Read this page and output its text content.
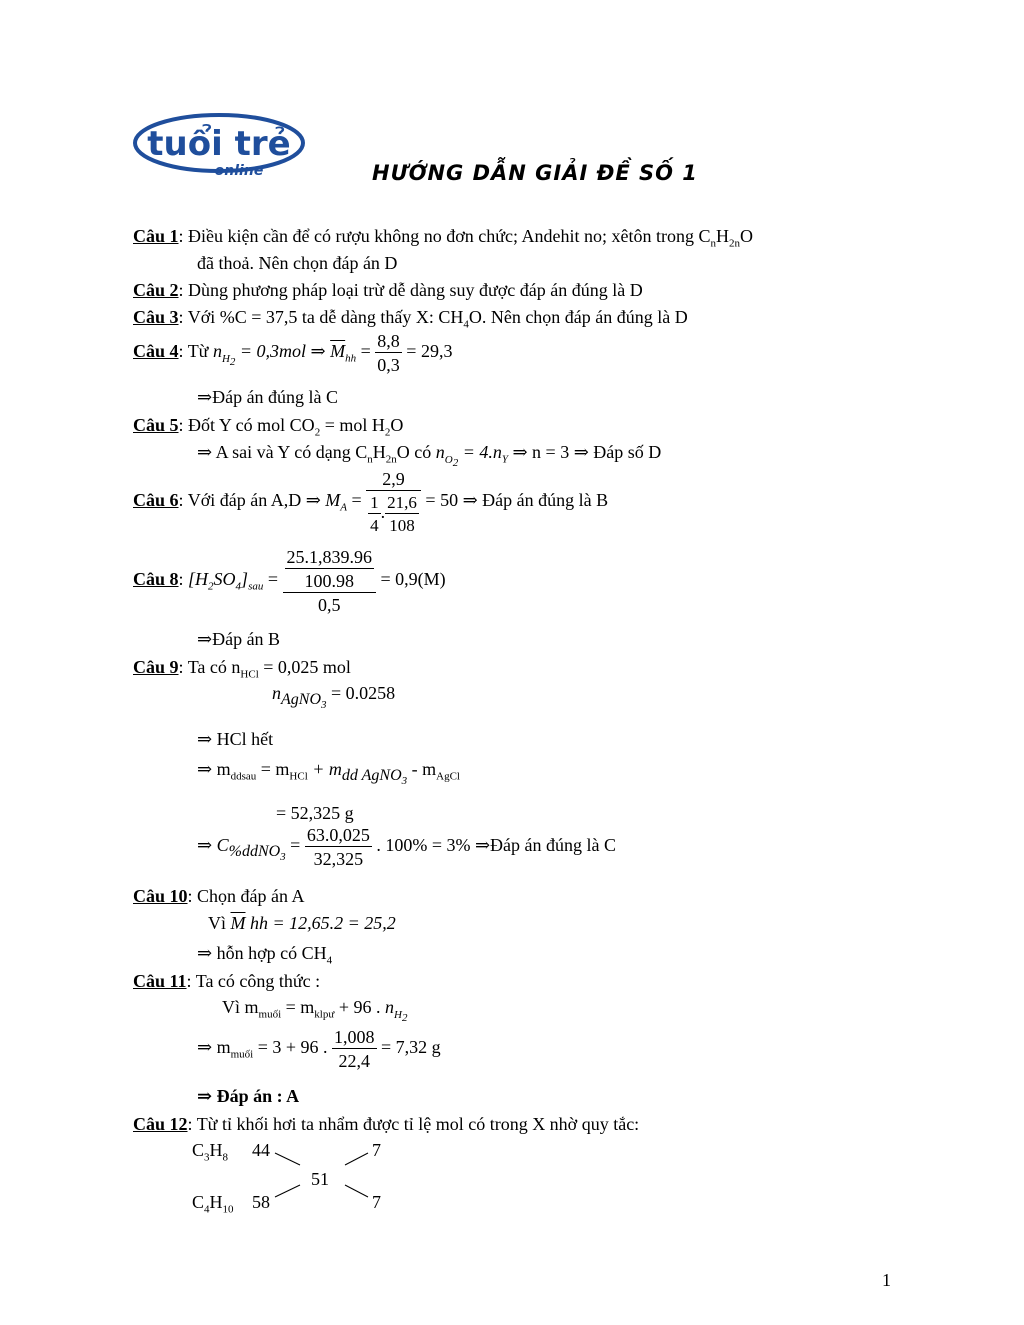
tuổi trẻ
online	HƯỚNG DẪN GIẢI ĐỀ SỐ 1
Câu 1: Điều kiện cần để có rượu không no đơn chức; Andehit no; xêtôn trong $C_nH_{2n}O$
đã thoả. Nên chọn đáp án D
Câu 2: Dùng phương pháp loại trừ dễ dàng suy được đáp án đúng là D
Câu 3: Với %C = 37,5 ta dễ dàng thấy X: $CH_4O$. Nên chọn đáp án đúng là D
Câu 4: Từ $n_{H_2} = 0,3mol$ ⇒ $\overline{M}_{hh} = \frac{8,8}{0,3} = 29,3$
⇒Đáp án đúng là C
Câu 5: Đốt Y có mol $CO_2$ = mol $H_2O$
⇒ A sai và Y có dạng $C_nH_{2n}O$ có $n_{O_2} = 4.n_Y$ ⇒ n = 3 ⇒ Đáp số D
Câu 6: Với đáp án A,D ⇒ $M_A = \frac{2,9}{\frac{1}{4} . \frac{21,6}{108}} = 50$ ⇒ Đáp án đúng là B
Câu 8: $[H_2SO_4]_{sau} = \frac{\frac{25.1,839.96}{100.98}}{0,5} = 0,9(M)$
⇒Đáp án B
Câu 9: Ta có $n_{HCl} = 0,025$ mol
$n_{AgNO_3} = 0.0258$
⇒ HCl hết
⇒ $m_{ddsau} = m_{HCl} + m_{dd AgNO_3} - m_{AgCl}$
= 52,325 g
⇒ $C_{\%ddNO_3} = \frac{63.0,025}{32,325}$ . 100% = 3% ⇒Đáp án đúng là C
Câu 10: Chọn đáp án A
Vì $\overline{M}$ hh = 12,65.2 = 25,2
⇒ hỗn hợp có $CH_4$
Câu 11: Ta có công thức :
Vì $m_{muối} = m_{klpư} + 96$ . $n_{H_2}$
⇒ $m_{muối} = 3 + 96$ . $\frac{1,008}{22,4} = 7,32$ g
⇒ Đáp án : A
Câu 12: Từ tỉ khối hơi ta nhẩm được tỉ lệ mol có trong X nhờ quy tắc:
$C_3H_8$ 44	7
51
$C_4H_{10}$ 58	7
1
